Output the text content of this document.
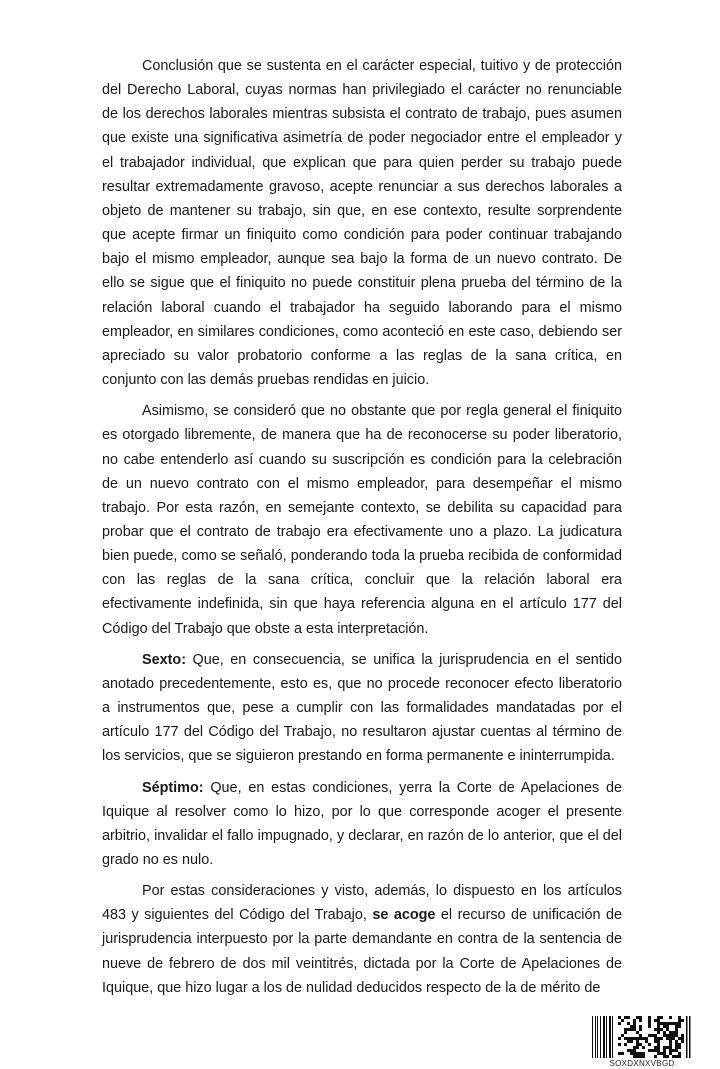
Conclusión que se sustenta en el carácter especial, tuitivo y de protección del Derecho Laboral, cuyas normas han privilegiado el carácter no renunciable de los derechos laborales mientras subsista el contrato de trabajo, pues asumen que existe una significativa asimetría de poder negociador entre el empleador y el trabajador individual, que explican que para quien perder su trabajo puede resultar extremadamente gravoso, acepte renunciar a sus derechos laborales a objeto de mantener su trabajo, sin que, en ese contexto, resulte sorprendente que acepte firmar un finiquito como condición para poder continuar trabajando bajo el mismo empleador, aunque sea bajo la forma de un nuevo contrato. De ello se sigue que el finiquito no puede constituir plena prueba del término de la relación laboral cuando el trabajador ha seguido laborando para el mismo empleador, en similares condiciones, como aconteció en este caso, debiendo ser apreciado su valor probatorio conforme a las reglas de la sana crítica, en conjunto con las demás pruebas rendidas en juicio.

Asimismo, se consideró que no obstante que por regla general el finiquito es otorgado libremente, de manera que ha de reconocerse su poder liberatorio, no cabe entenderlo así cuando su suscripción es condición para la celebración de un nuevo contrato con el mismo empleador, para desempeñar el mismo trabajo. Por esta razón, en semejante contexto, se debilita su capacidad para probar que el contrato de trabajo era efectivamente uno a plazo. La judicatura bien puede, como se señaló, ponderando toda la prueba recibida de conformidad con las reglas de la sana crítica, concluir que la relación laboral era efectivamente indefinida, sin que haya referencia alguna en el artículo 177 del Código del Trabajo que obste a esta interpretación.

Sexto: Que, en consecuencia, se unifica la jurisprudencia en el sentido anotado precedentemente, esto es, que no procede reconocer efecto liberatorio a instrumentos que, pese a cumplir con las formalidades mandatadas por el artículo 177 del Código del Trabajo, no resultaron ajustar cuentas al término de los servicios, que se siguieron prestando en forma permanente e ininterrumpida.

Séptimo: Que, en estas condiciones, yerra la Corte de Apelaciones de Iquique al resolver como lo hizo, por lo que corresponde acoger el presente arbitrio, invalidar el fallo impugnado, y declarar, en razón de lo anterior, que el del grado no es nulo.

Por estas consideraciones y visto, además, lo dispuesto en los artículos 483 y siguientes del Código del Trabajo, se acoge el recurso de unificación de jurisprudencia interpuesto por la parte demandante en contra de la sentencia de nueve de febrero de dos mil veintitrés, dictada por la Corte de Apelaciones de Iquique, que hizo lugar a los de nulidad deducidos respecto de la de mérito de

SOXDXNXVBGD
